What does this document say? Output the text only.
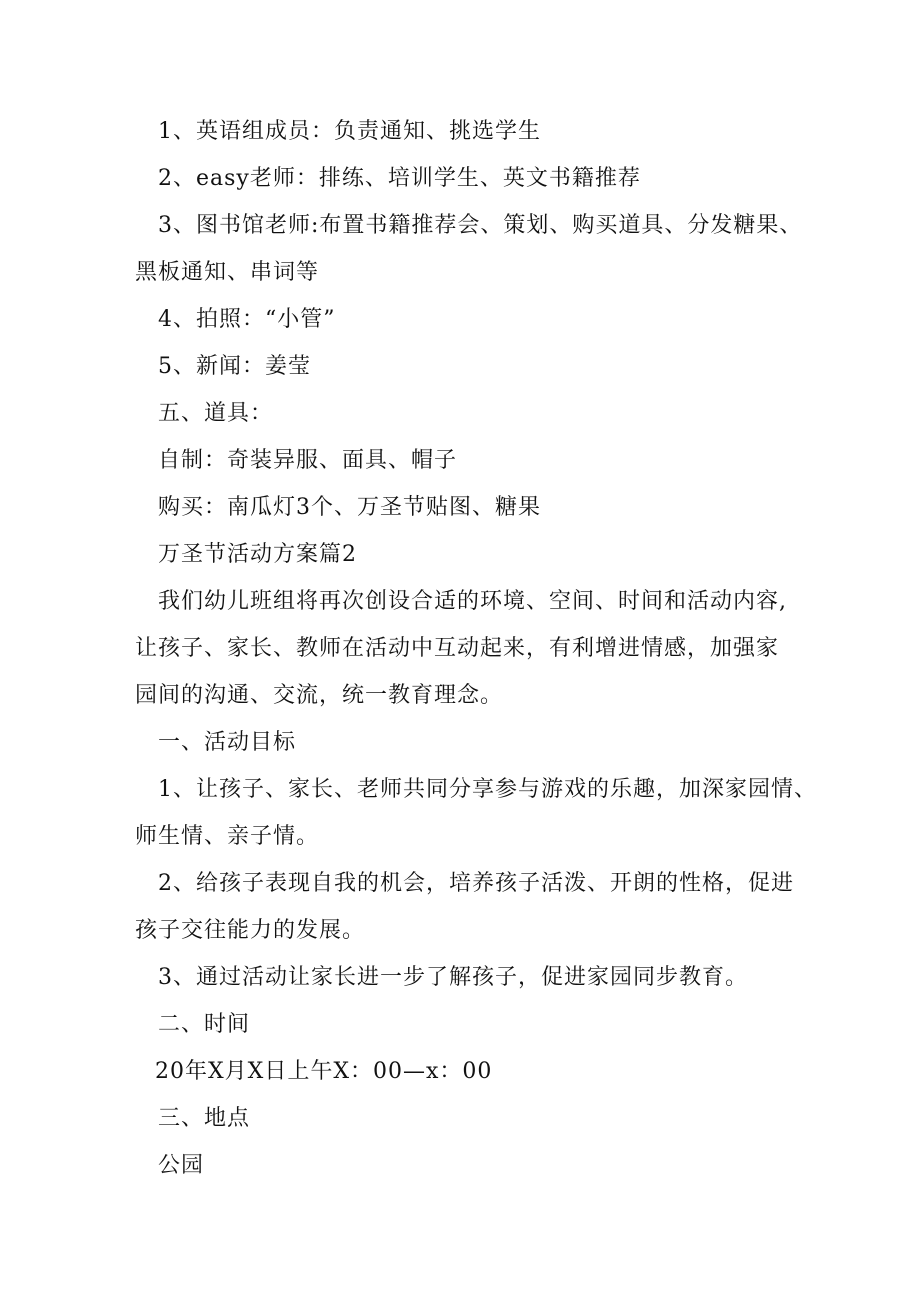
1、英语组成员：负责通知、挑选学生
2、easy老师：排练、培训学生、英文书籍推荐
3、图书馆老师:布置书籍推荐会、策划、购买道具、分发糖果、
黑板通知、串词等
4、拍照：“小管”
5、新闻：姜莹
五、道具：
自制：奇装异服、面具、帽子
购买：南瓜灯3个、万圣节贴图、糖果
万圣节活动方案篇2
我们幼儿班组将再次创设合适的环境、空间、时间和活动内容,
让孩子、家长、教师在活动中互动起来，有利增进情感，加强家
园间的沟通、交流，统一教育理念。
一、活动目标
1、让孩子、家长、老师共同分享参与游戏的乐趣，加深家园情、
师生情、亲子情。
2、给孩子表现自我的机会，培养孩子活泼、开朗的性格，促进
孩子交往能力的发展。
3、通过活动让家长进一步了解孩子，促进家园同步教育。
二、时间
20年X月X日上午X：00—x：00
三、地点
公园
